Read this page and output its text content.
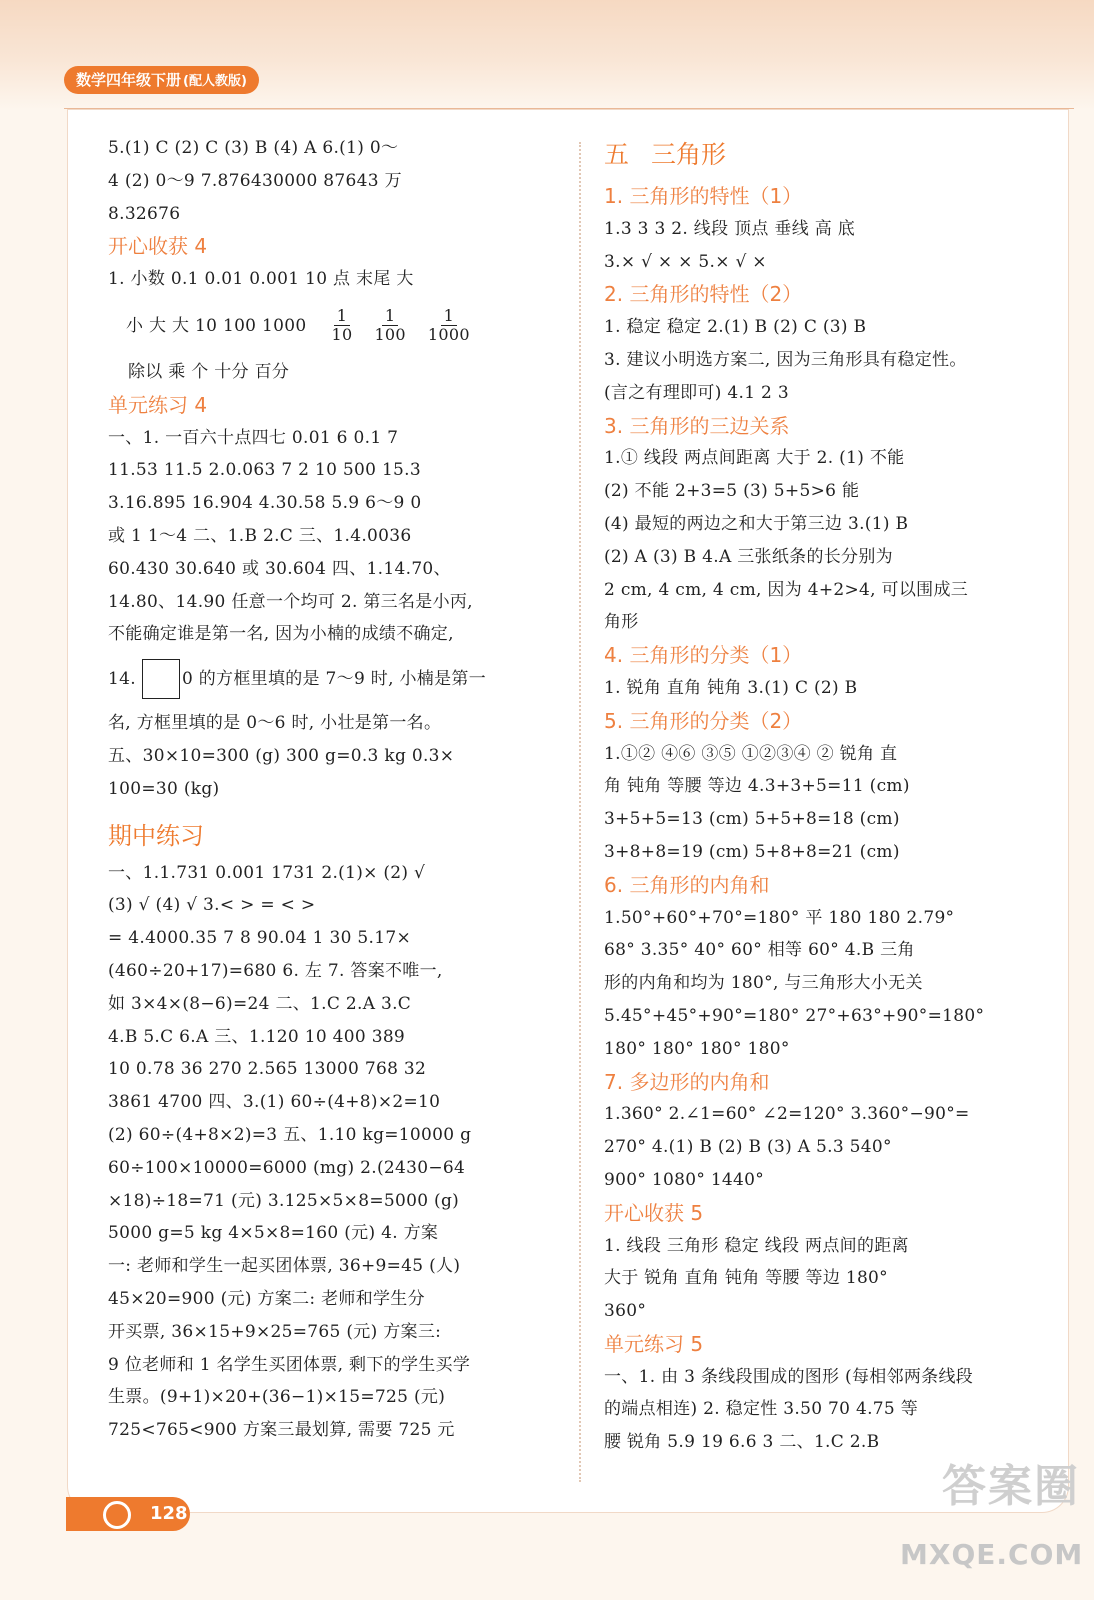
数学四年级下册 (配人教版)
5.(1) C (2) C (3) B (4) A 6.(1) 0～
4 (2) 0～9 7.876430000 87643 万
8.32676
开心收获 4
1. 小数 0.1 0.01 0.001 10 点 末尾 大
小 大 大 10 100 $1000 \frac{1}{10} \frac{1}{100} \frac{1}{1000}$
除以 乘 个 十分 百分
单元练习 4
一、1. 一百六十点四七 0.01 6 0.1 7
11.53 11.5 2.0.063 7 2 10 500 15.3
3.16.895 16.904 4.30.58 5.9 6～9 0
或 1 1～4 二、1.B 2.C 三、1.4.0036
60.430 30.640 或 30.604 四、1.14.70、
14.80、14.90 任意一个均可 2. 第三名是小丙,
不能确定谁是第一名, 因为小楠的成绩不确定,
14.	0 的方框里填的是 7～9 时, 小楠是第一
名, 方框里填的是 0～6 时, 小壮是第一名。
五、30×10=300 (g) 300 g=0.3 kg 0.3×
100=30 (kg)
期中练习
一、1.1.731 0.001 1731 2.(1)× (2) √
(3) √ (4) √ 3.< > = < >
= 4.4000.35 7 8 90.04 1 30 5.17×
(460÷20+17)=680 6. 左 7. 答案不唯一,
如 3×4×(8−6)=24 二、1.C 2.A 3.C
4.B 5.C 6.A 三、1.120 10 400 389
10 0.78 36 270 2.565 13000 768 32
3861 4700 四、3.(1) 60÷(4+8)×2=10
(2) 60÷(4+8×2)=3 五、1.10 kg=10000 g
60÷100×10000=6000 (mg) 2.(2430−64
×18)÷18=71 (元) 3.125×5×8=5000 (g)
5000 g=5 kg 4×5×8=160 (元) 4. 方案
一: 老师和学生一起买团体票, 36+9=45 (人)
45×20=900 (元) 方案二: 老师和学生分
开买票, 36×15+9×25=765 (元) 方案三:
9 位老师和 1 名学生买团体票, 剩下的学生买学
生票。(9+1)×20+(36−1)×15=725 (元)
725<765<900 方案三最划算, 需要 725 元
五 三角形
1. 三角形的特性（1）
1.3 3 3 2. 线段 顶点 垂线 高 底
3.× √ × × 5.× √ ×
2. 三角形的特性（2）
1. 稳定 稳定 2.(1) B (2) C (3) B
3. 建议小明选方案二, 因为三角形具有稳定性。
(言之有理即可) 4.1 2 3
3. 三角形的三边关系
1.① 线段 两点间距离 大于 2. (1) 不能
(2) 不能 2+3=5 (3) 5+5>6 能
(4) 最短的两边之和大于第三边 3.(1) B
(2) A (3) B 4.A 三张纸条的长分别为
2 cm, 4 cm, 4 cm, 因为 4+2>4, 可以围成三
角形
4. 三角形的分类（1）
1. 锐角 直角 钝角 3.(1) C (2) B
5. 三角形的分类（2）
1.①② ④⑥ ③⑤ ①②③④ ② 锐角 直
角 钝角 等腰 等边 4.3+3+5=11 (cm)
3+5+5=13 (cm) 5+5+8=18 (cm)
3+8+8=19 (cm) 5+8+8=21 (cm)
6. 三角形的内角和
1.50°+60°+70°=180° 平 180 180 2.79°
68° 3.35° 40° 60° 相等 60° 4.B 三角
形的内角和均为 180°, 与三角形大小无关
5.45°+45°+90°=180° 27°+63°+90°=180°
180° 180° 180° 180°
7. 多边形的内角和
1.360° 2.∠1=60° ∠2=120° 3.360°−90°=
270° 4.(1) B (2) B (3) A 5.3 540°
900° 1080° 1440°
开心收获 5
1. 线段 三角形 稳定 线段 两点间的距离
大于 锐角 直角 钝角 等腰 等边 180°
360°
单元练习 5
一、1. 由 3 条线段围成的图形 (每相邻两条线段
的端点相连) 2. 稳定性 3.50 70 4.75 等
腰 锐角 5.9 19 6.6 3 二、1.C 2.B
128
答案圈
MXQE.COM
